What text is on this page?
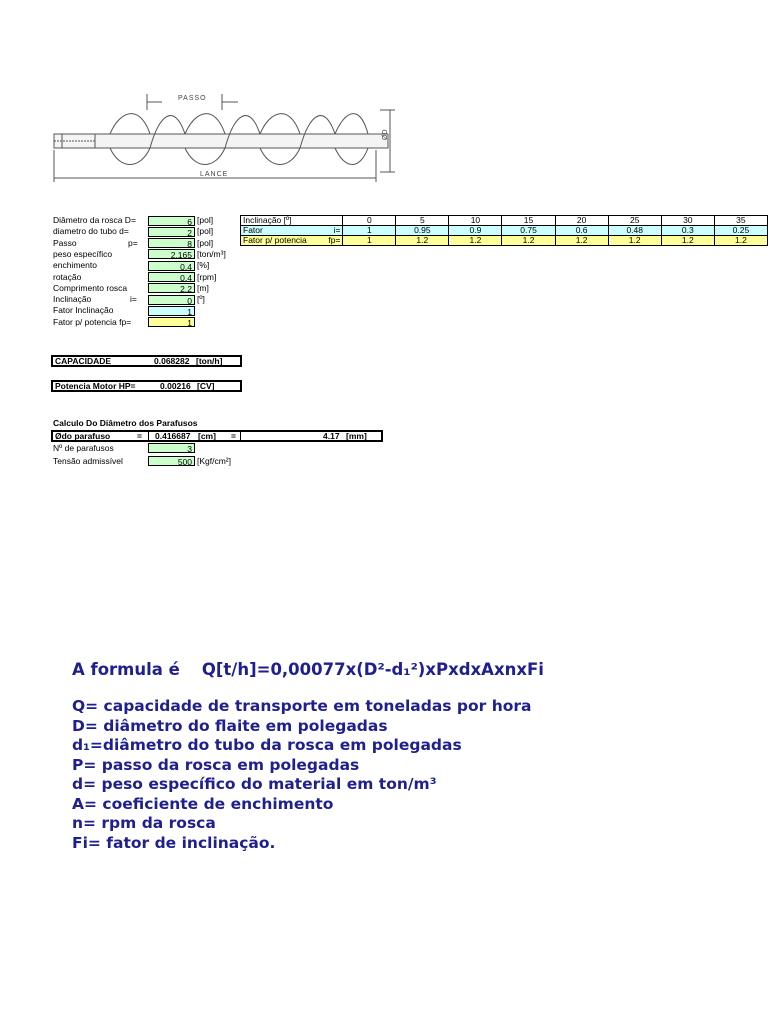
PASSO
LANCE
ØD
Diâmetro da rosca D=	6 [pol]
diametro do tubo d=	2 [pol]
Passo	p=	8 [pol]
peso específico	2.165 [ton/m³]
enchimento	0.4 [%]
rotação	0.4 [rpm]
Comprimento rosca	2.2 [m]
Inclinação	i=	0 [º]
Fator Inclinação	1
Fator p/ potencia fp=	1
Inclinação [º]	0	5	10	15	20	25	30	35
Fator i=	1	0.95	0.9	0.75	0.6	0.48	0.3	0.25
Fator p/ potencia fp=	1	1.2	1.2	1.2	1.2	1.2	1.2	1.2
CAPACIDADE	0.068282 [ton/h]
Potencia Motor HP=	0.00216 [CV]
Calculo Do Diâmetro dos Parafusos
Ødo parafuso	= 0.416687 [cm] =	4.17 [mm]
Nº de parafusos	3
Tensão admissível	500 [Kgf/cm²]
A formula é Q[t/h]=0,00077x(D²-d₁²)xPxdxAxnxFi
Q= capacidade de transporte em toneladas por hora
D= diâmetro do flaite em polegadas
d₁=diâmetro do tubo da rosca em polegadas
P= passo da rosca em polegadas
d= peso específico do material em ton/m³
A= coeficiente de enchimento
n= rpm da rosca
Fi= fator de inclinação.
